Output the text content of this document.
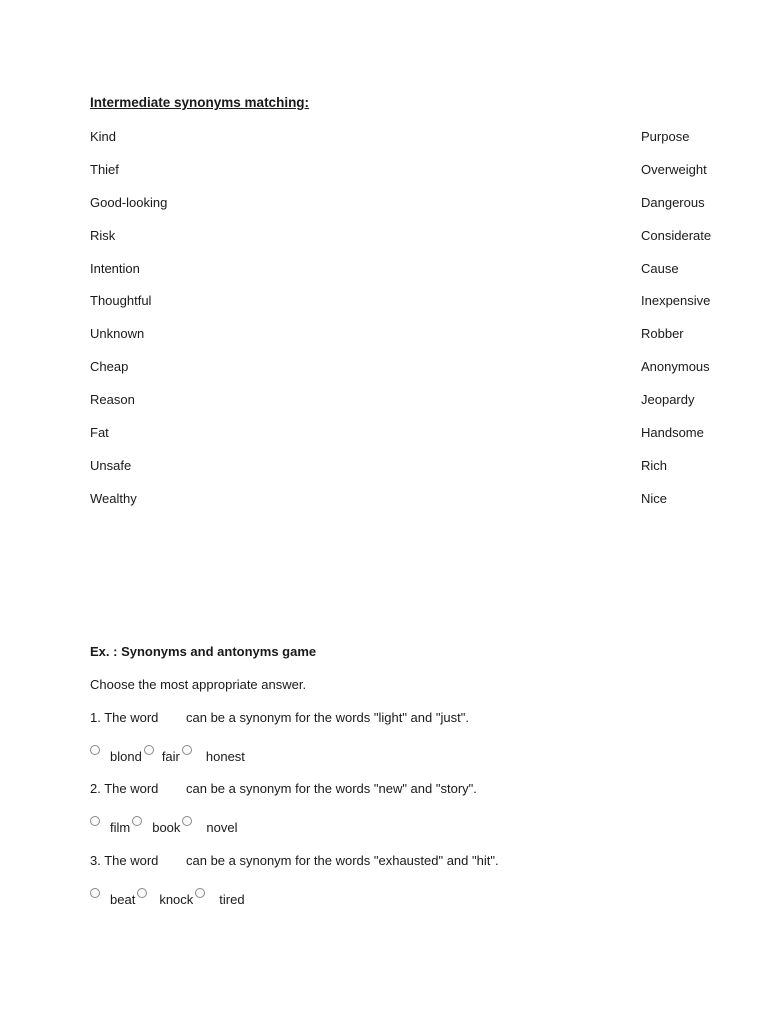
Intermediate synonyms matching:
Kind
Thief
Good-looking
Risk
Intention
Thoughtful
Unknown
Cheap
Reason
Fat
Unsafe
Wealthy
Purpose
Overweight
Dangerous
Considerate
Cause
Inexpensive
Robber
Anonymous
Jeopardy
Handsome
Rich
Nice
Ex. : Synonyms and antonyms game
Choose the most appropriate answer.
1. The word can be a synonym for the words "light" and "just".
blond fair honest
2. The word can be a synonym for the words "new" and "story".
film book novel
3. The word can be a synonym for the words "exhausted" and "hit".
beat knock tired
